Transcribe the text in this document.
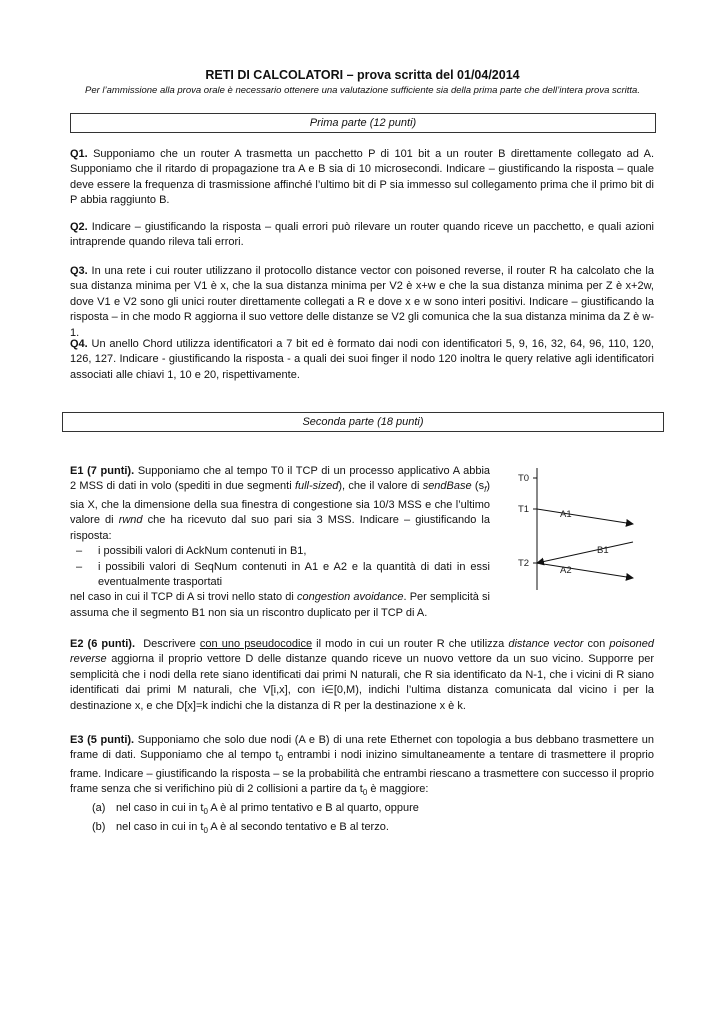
RETI DI CALCOLATORI – prova scritta del 01/04/2014
Per l’ammissione alla prova orale è necessario ottenere una valutazione sufficiente sia della prima parte che dell’intera prova scritta.
Prima parte (12 punti)
Q1. Supponiamo che un router A trasmetta un pacchetto P di 101 bit a un router B direttamente collegato ad A. Supponiamo che il ritardo di propagazione tra A e B sia di 10 microsecondi. Indicare – giustificando la risposta – quale deve essere la frequenza di trasmissione affinché l’ultimo bit di P sia immesso sul collegamento prima che il primo bit di P abbia raggiunto B.
Q2. Indicare – giustificando la risposta – quali errori può rilevare un router quando riceve un pacchetto, e quali azioni intraprende quando rileva tali errori.
Q3. In una rete i cui router utilizzano il protocollo distance vector con poisoned reverse, il router R ha calcolato che la sua distanza minima per V1 è x, che la sua distanza minima per V2 è x+w e che la sua distanza minima per Z è x+2w, dove V1 e V2 sono gli unici router direttamente collegati a R e dove x e w sono interi positivi. Indicare – giustificando la risposta – in che modo R aggiorna il suo vettore delle distanze se V2 gli comunica che la sua distanza minima da Z è w-1.
Q4. Un anello Chord utilizza identificatori a 7 bit ed è formato dai nodi con identificatori 5, 9, 16, 32, 64, 96, 110, 120, 126, 127. Indicare - giustificando la risposta - a quali dei suoi finger il nodo 120 inoltra le query relative agli identificatori associati alle chiavi 1, 10 e 20, rispettivamente.
Seconda parte (18 punti)
E1 (7 punti). Supponiamo che al tempo T0 il TCP di un processo applicativo A abbia 2 MSS di dati in volo (spediti in due segmenti full-sized), che il valore di sendBase $(s_f)$ sia X, che la dimensione della sua finestra di congestione sia 10/3 MSS e che l’ultimo valore di rwnd che ha ricevuto dal suo pari sia 3 MSS. Indicare – giustificando la risposta:
– i possibili valori di AckNum contenuti in B1,
– i possibili valori di SeqNum contenuti in A1 e A2 e la quantità di dati in essi eventualmente trasportati
nel caso in cui il TCP di A si trovi nello stato di congestion avoidance. Per semplicità si assuma che il segmento B1 non sia un riscontro duplicato per il TCP di A.
T0
T1
T2
A1
B1
A2
E2 (6 punti). Descrivere con uno pseudocodice il modo in cui un router R che utilizza distance vector con poisoned reverse aggiorna il proprio vettore D delle distanze quando riceve un nuovo vettore da un suo vicino. Supporre per semplicità che i nodi della rete siano identificati dai primi N naturali, che R sia identificato da N-1, che i vicini di R siano identificati dai primi M naturali, che V[i,x], con i∈[0,M), indichi l’ultima distanza comunicata dal vicino i per la destinazione x, e che D[x]=k indichi che la distanza di R per la destinazione x è k.
E3 (5 punti). Supponiamo che solo due nodi (A e B) di una rete Ethernet con topologia a bus debbano trasmettere un frame di dati. Supponiamo che al tempo $t_0$ entrambi i nodi inizino simultaneamente a tentare di trasmettere il proprio frame. Indicare – giustificando la risposta – se la probabilità che entrambi riescano a trasmettere con successo il proprio frame senza che si verifichino più di 2 collisioni a partire da $t_0$ è maggiore:
(a) nel caso in cui in $t_0$ A è al primo tentativo e B al quarto, oppure
(b) nel caso in cui in $t_0$ A è al secondo tentativo e B al terzo.
